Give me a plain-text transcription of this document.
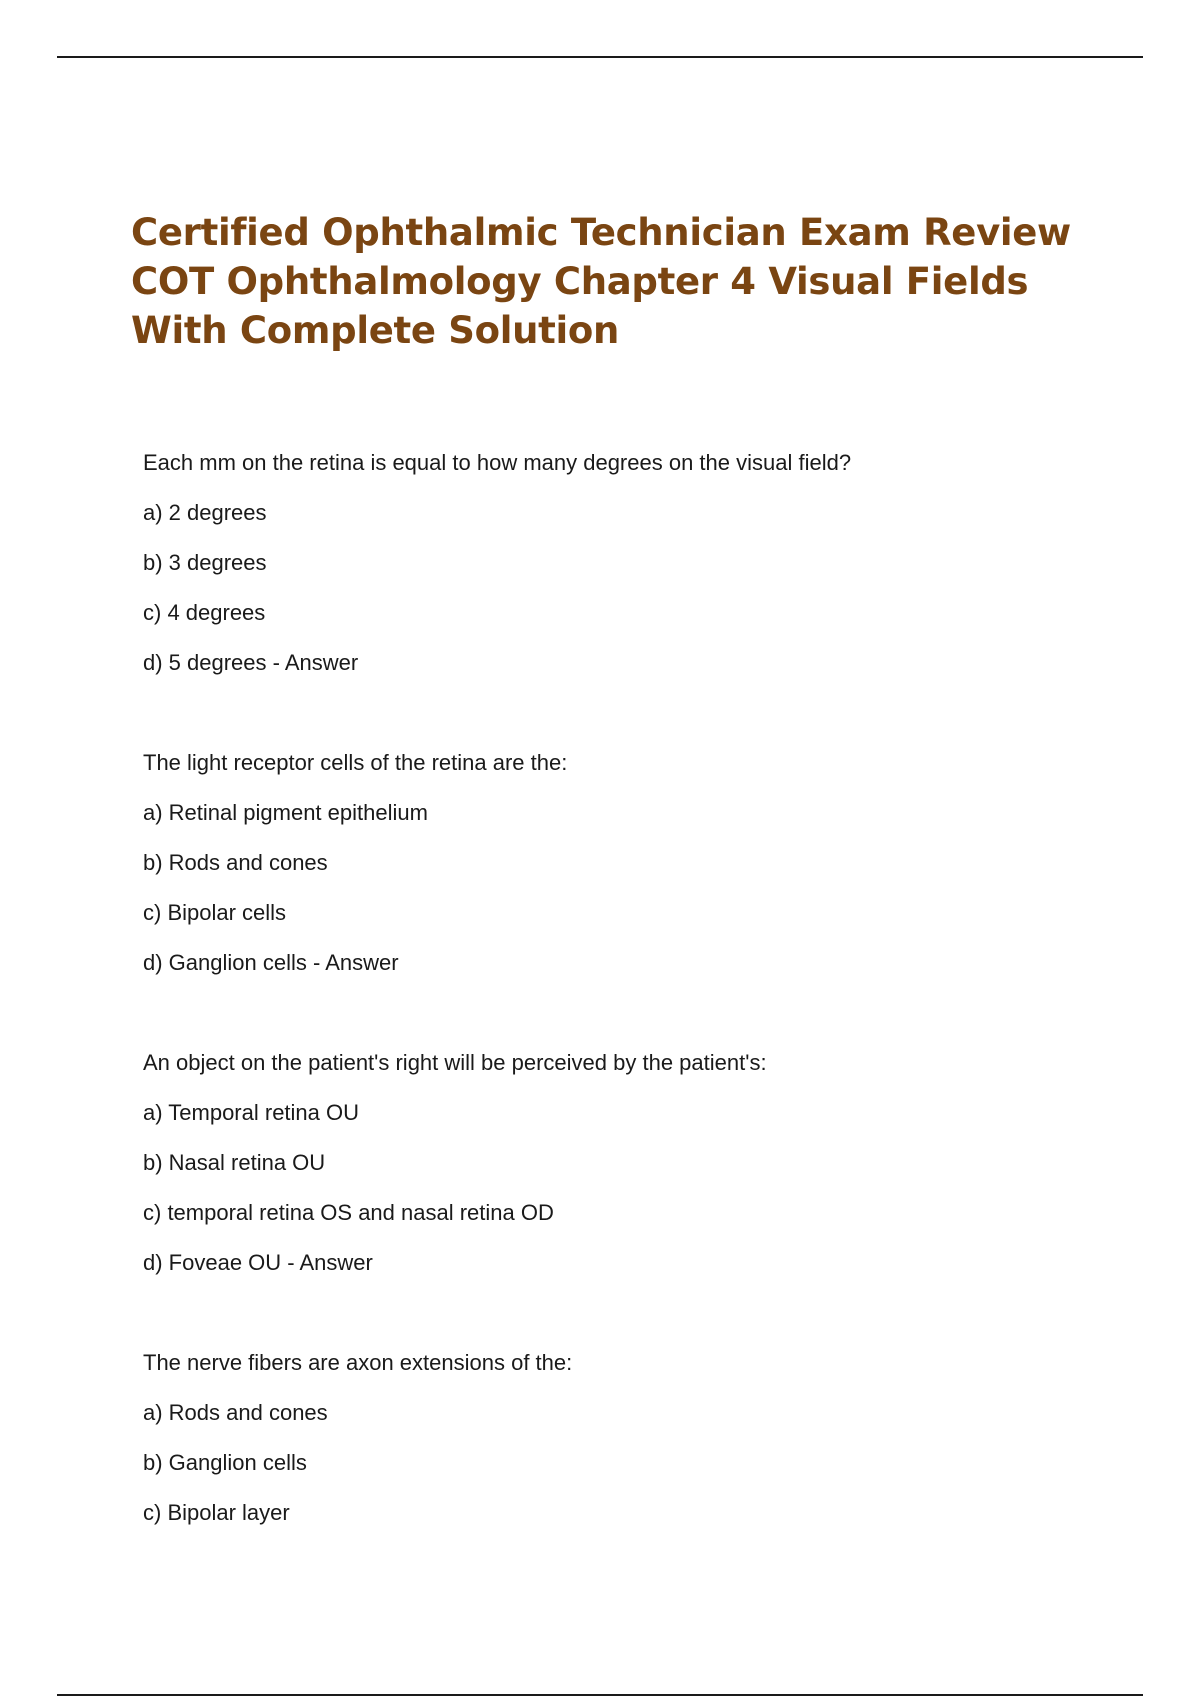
Certified Ophthalmic Technician Exam Review COT Ophthalmology Chapter 4 Visual Fields With Complete Solution

Each mm on the retina is equal to how many degrees on the visual field?

a) 2 degrees
b) 3 degrees
c) 4 degrees
d) 5 degrees - Answer

The light receptor cells of the retina are the:

a) Retinal pigment epithelium
b) Rods and cones
c) Bipolar cells
d) Ganglion cells - Answer

An object on the patient's right will be perceived by the patient's:

a) Temporal retina OU
b) Nasal retina OU
c) temporal retina OS and nasal retina OD
d) Foveae OU - Answer

The nerve fibers are axon extensions of the:

a) Rods and cones
b) Ganglion cells
c) Bipolar layer
